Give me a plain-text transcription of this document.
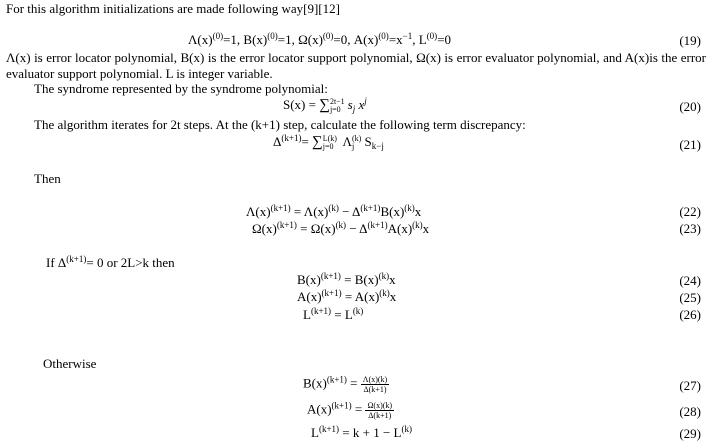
For this algorithm initializations are made following way[9][12]
$\Lambda(x)^{(0)}=1$, $B(x)^{(0)}=1$, $\Omega(x)^{(0)}=0$, $A(x)^{(0)}=x^{-1}$, $L^{(0)}=0$	(19)
Λ(x) is error locator polynomial, B(x) is the error locator support polynomial, Ω(x) is error evaluator polynomial, and A(x)is the error evaluator support polynomial. L is integer variable.
The syndrome represented by the syndrome polynomial:
S(x) = ∑ 2t−1
j=0 $s_j$ $x^j$	(20)
The algorithm iterates for 2t steps. At the (k+1) step, calculate the following term discrepancy:
$\Delta^{(k+1)}=$ ∑ L(k)
j=0 Λ (k)
j $S_{k-j}$	(21)
Then
$\Lambda(x)^{(k+1)} = \Lambda(x)^{(k)} - \Delta^{(k+1)}B(x)^{(k)}x$	(22)
$\Omega(x)^{(k+1)} = \Omega(x)^{(k)} - \Delta^{(k+1)}A(x)^{(k)}x$	(23)
If $\Delta^{(k+1)}= 0$ or 2L>k then
$B(x)^{(k+1)} = B(x)^{(k)}x$	(24)
$A(x)^{(k+1)} = A(x)^{(k)}x$	(25)
$L^{(k+1)} = L^{(k)}$	(26)
Otherwise
$B(x)^{(k+1)} = \frac{\Lambda(x)(k)}{\Delta(k+1)}$	(27)
$A(x)^{(k+1)} = \frac{\Omega(x)(k)}{\Delta(k+1)}$	(28)
$L^{(k+1)} = k + 1 - L^{(k)}$	(29)
